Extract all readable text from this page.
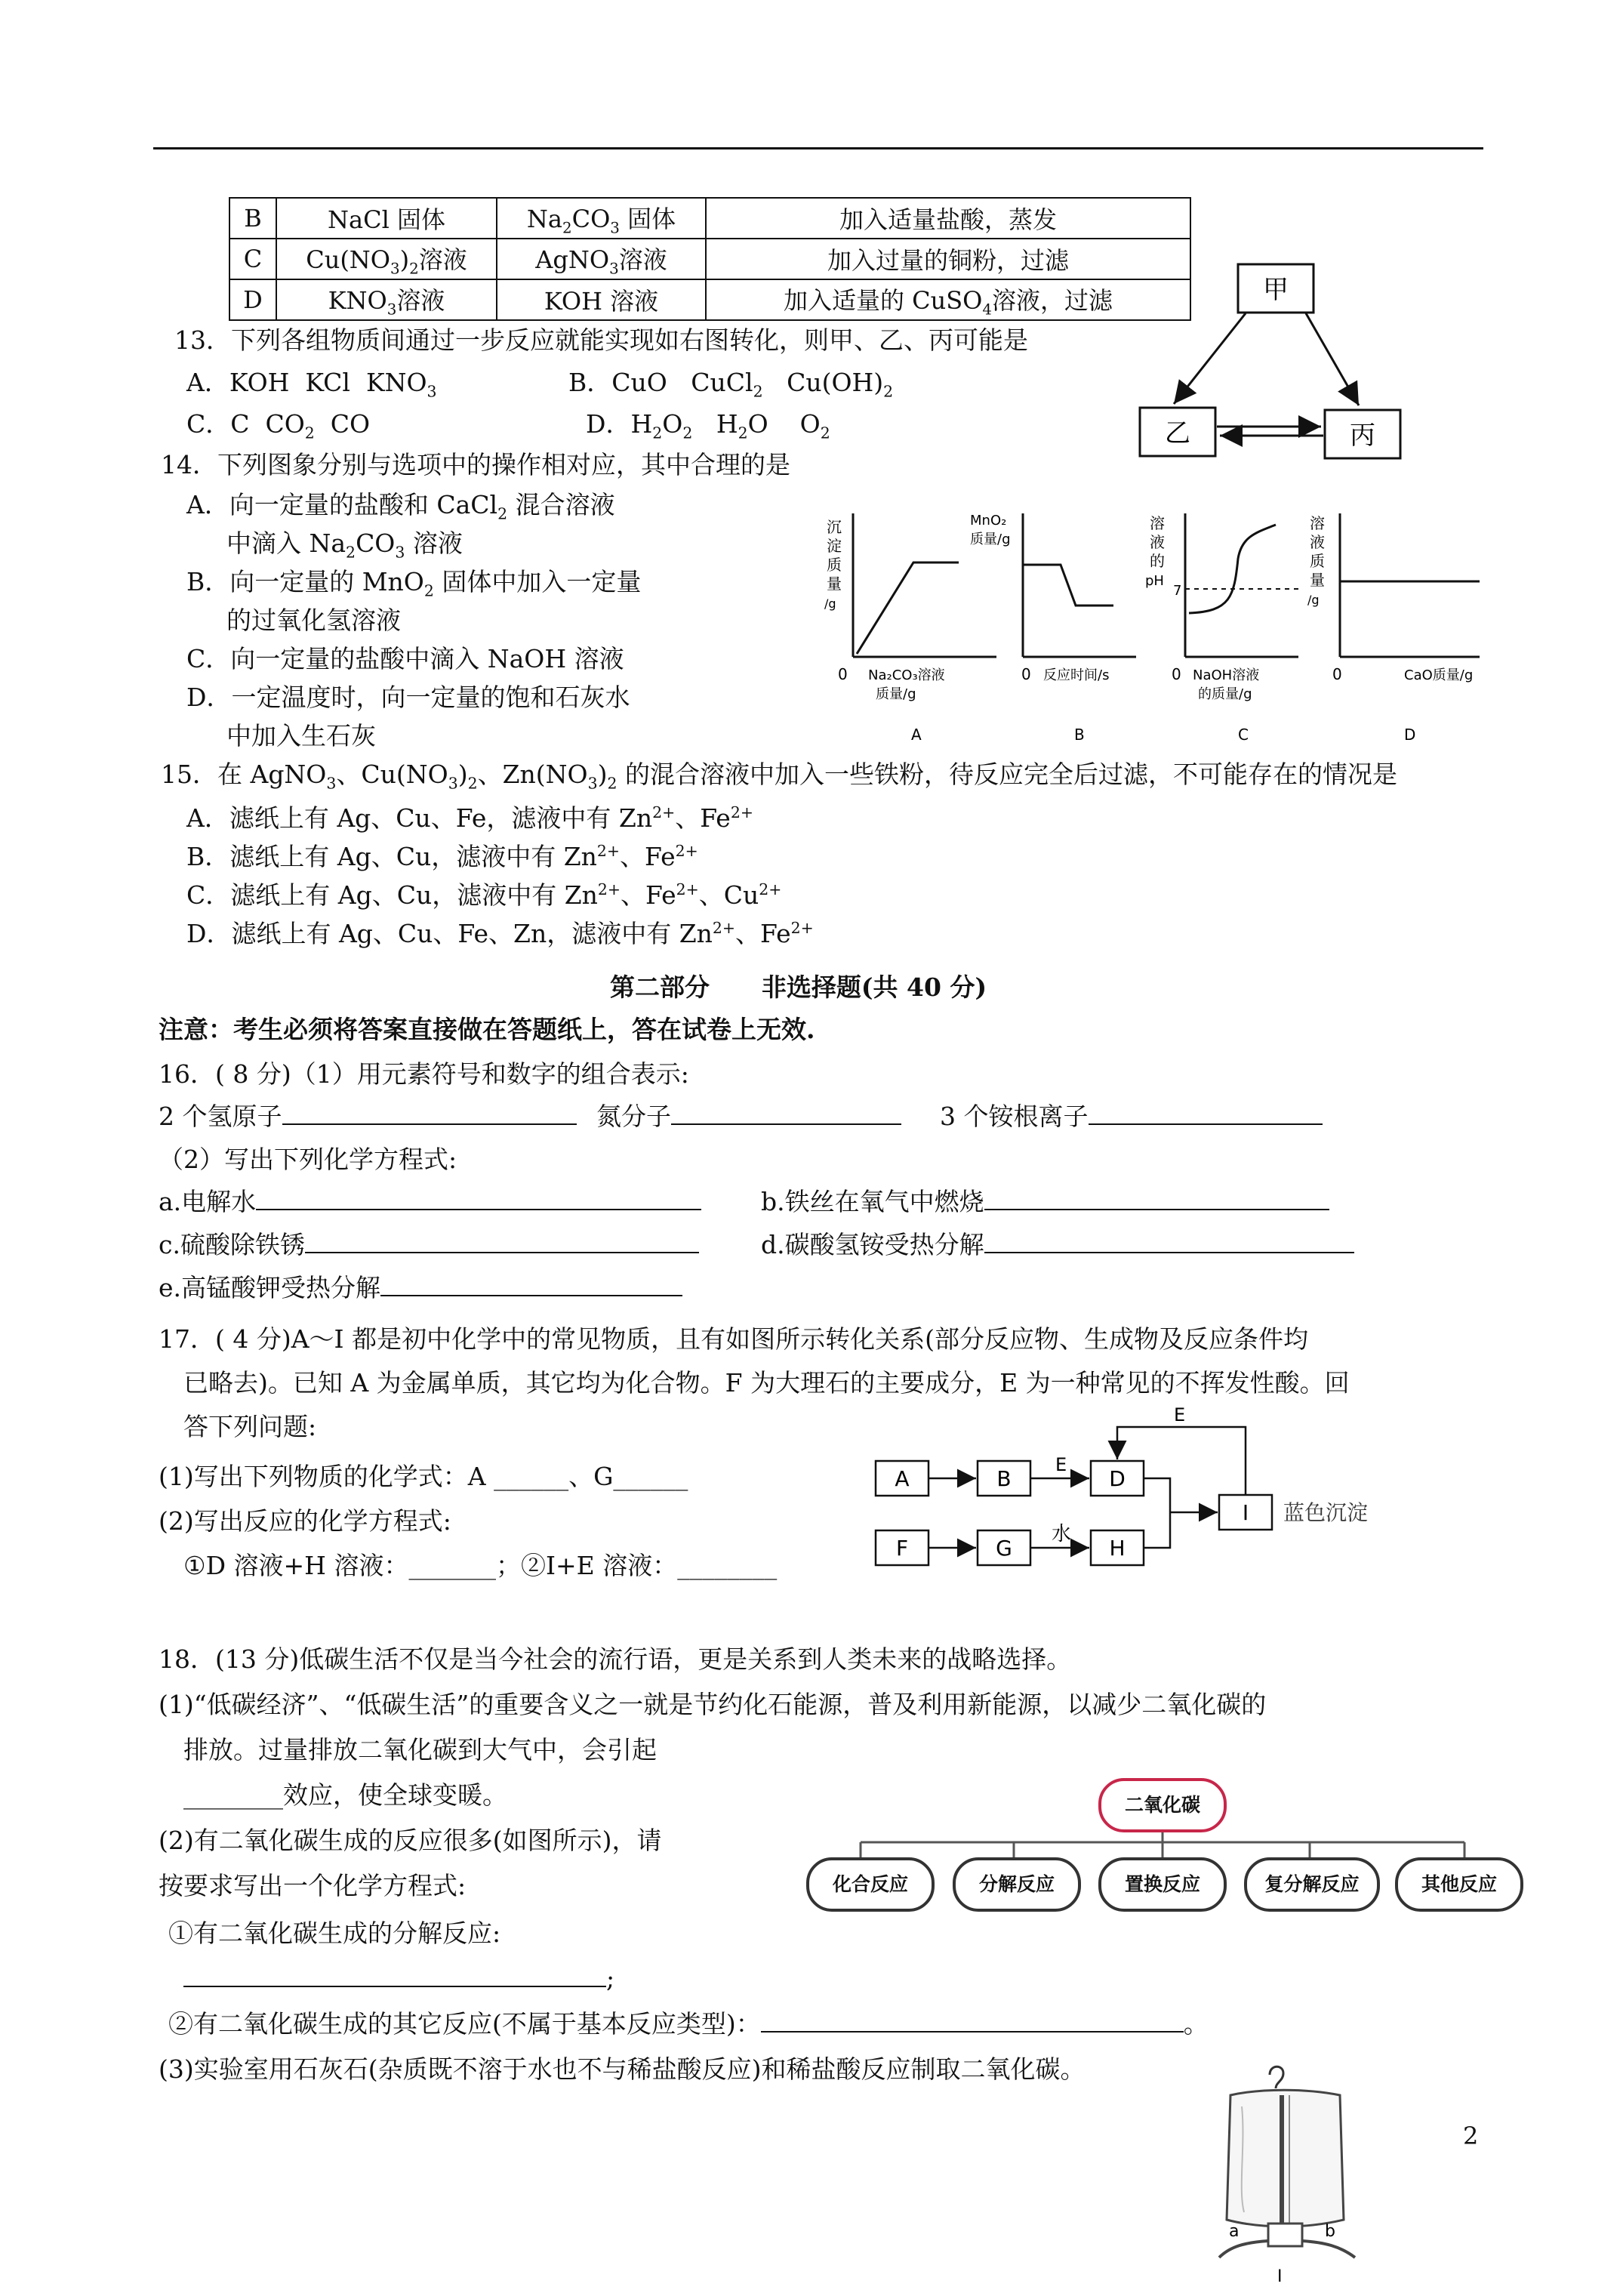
B	NaCl 固体	$Na_2CO_3$ 固体	加入适量盐酸，蒸发
C	$Cu(NO_3)_2$溶液	AgNO$_3$溶液	加入过量的铜粉，过滤
D	$KNO_3$溶液	KOH 溶液	加入适量的 CuSO$_4$溶液，过滤
13．下列各组物质间通过一步反应就能实现如右图转化，则甲、乙、丙可能是
A．KOH  KCl  $KNO_3$	B．CuO   CuCl$_2$   $Cu(OH)_2$
C．C  $CO_2$  CO	D．$H_2O_2$   $H_2O$    $O_2$
甲
乙	丙
14．下列图象分别与选项中的操作相对应，其中合理的是
A．向一定量的盐酸和 CaCl$_2$ 混合溶液
中滴入 $Na_2CO_3$ 溶液
B．向一定量的 MnO$_2$ 固体中加入一定量
的过氧化氢溶液
C．向一定量的盐酸中滴入 NaOH 溶液
D．一定温度时，向一定量的饱和石灰水
中加入生石灰
沉
淀
质
量
/g
0 Na₂CO₃溶液
质量/g
A
MnO₂
质量/g
0 反应时间/s
B
溶
液
的
pH
7
0 NaOH溶液
的质量/g
C
溶
液
质
量
/g
0	CaO质量/g
D
15．在 AgNO$_3$、$Cu(NO_3)_2$、$Zn(NO_3)_2$ 的混合溶液中加入一些铁粉，待反应完全后过滤，不可能存在的情况是
A．滤纸上有 Ag、Cu、Fe，滤液中有 $Zn^{2+}$、$Fe^{2+}$
B．滤纸上有 Ag、Cu，滤液中有 $Zn^{2+}$、$Fe^{2+}$
C．滤纸上有 Ag、Cu，滤液中有 $Zn^{2+}$、$Fe^{2+}$、$Cu^{2+}$
D．滤纸上有 Ag、Cu、Fe、Zn，滤液中有 $Zn^{2+}$、$Fe^{2+}$
第二部分      非选择题(共 40 分)
注意：考生必须将答案直接做在答题纸上，答在试卷上无效.
16．( 8 分)（1）用元素符号和数字的组合表示:
2 个氢原子	氮分子	3 个铵根离子
（2）写出下列化学方程式:
a.电解水	b.铁丝在氧气中燃烧
c.硫酸除铁锈	d.碳酸氢铵受热分解
e.高锰酸钾受热分解
17．( 4 分)A～I 都是初中化学中的常见物质，且有如图所示转化关系(部分反应物、生成物及反应条件均
已略去)。已知 A 为金属单质，其它均为化合物。F 为大理石的主要成分，E 为一种常见的不挥发性酸。回
答下列问题:
(1)写出下列物质的化学式：A ______、G______
(2)写出反应的化学方程式:
①D 溶液+H 溶液：_______；②I+E 溶液：________
A	B	D
F	G	H
I
E
水
E
蓝色沉淀
18．(13 分)低碳生活不仅是当今社会的流行语，更是关系到人类未来的战略选择。
(1)“低碳经济”、“低碳生活”的重要含义之一就是节约化石能源，普及利用新能源，以减少二氧化碳的
排放。过量排放二氧化碳到大气中，会引起
________效应，使全球变暖。
(2)有二氧化碳生成的反应很多(如图所示)，请
按要求写出一个化学方程式:
①有二氧化碳生成的分解反应:
;
②有二氧化碳生成的其它反应(不属于基本反应类型)：	。
(3)实验室用石灰石(杂质既不溶于水也不与稀盐酸反应)和稀盐酸反应制取二氧化碳。
二氧化碳
化合反应	分解反应	置换反应	复分解反应	其他反应
a	b
I
2
